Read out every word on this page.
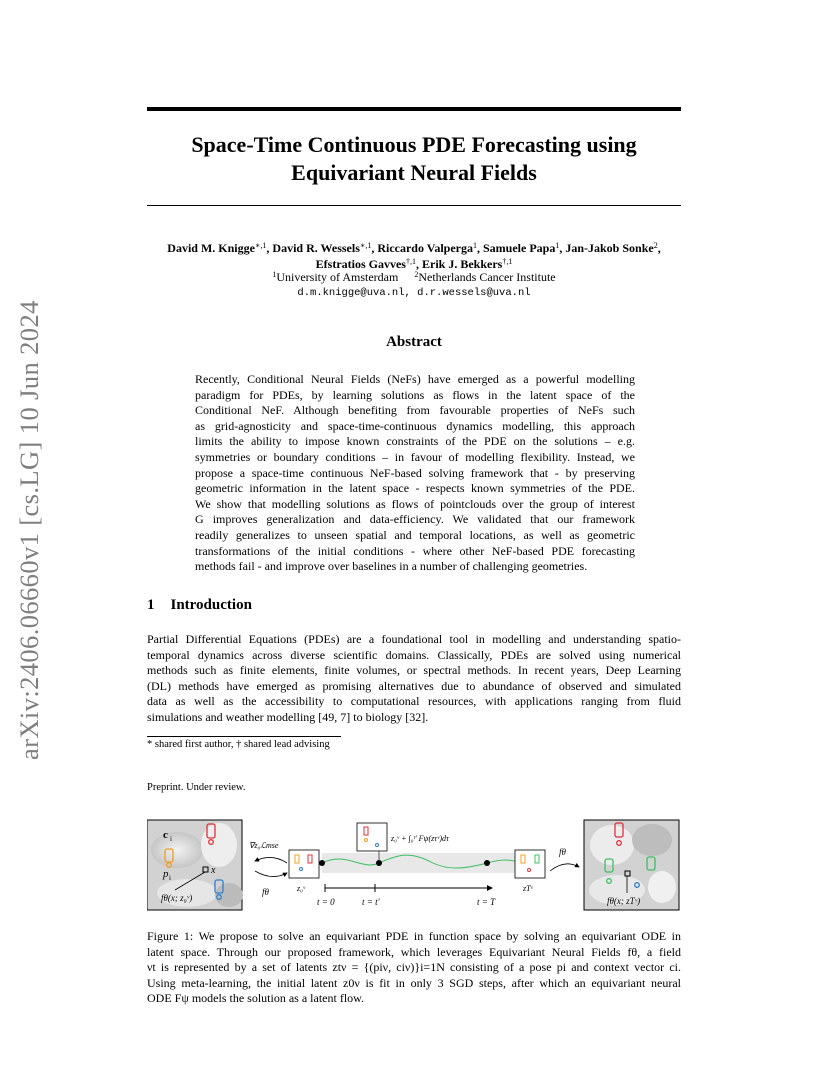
arXiv:2406.06660v1 [cs.LG] 10 Jun 2024
Space-Time Continuous PDE Forecasting using
Equivariant Neural Fields
David M. Knigge$^{∗,1}$, David R. Wessels$^{∗,1}$, Riccardo Valperga$^1$, Samuele Papa$^1$, Jan-Jakob Sonke$^2$,
Efstratios Gavves$^{\dagger,1}$, Erik J. Bekkers$^{\dagger,1}$
$^1$University of Amsterdam $^2$Netherlands Cancer Institute
d.m.knigge@uva.nl, d.r.wessels@uva.nl
Abstract
Recently, Conditional Neural Fields (NeFs) have emerged as a powerful modelling
paradigm for PDEs, by learning solutions as flows in the latent space of the
Conditional NeF. Although benefiting from favourable properties of NeFs such
as grid-agnosticity and space-time-continuous dynamics modelling, this approach
limits the ability to impose known constraints of the PDE on the solutions – e.g.
symmetries or boundary conditions – in favour of modelling flexibility. Instead, we
propose a space-time continuous NeF-based solving framework that - by preserving
geometric information in the latent space - respects known symmetries of the PDE.
We show that modelling solutions as flows of pointclouds over the group of interest
G improves generalization and data-efficiency. We validated that our framework
readily generalizes to unseen spatial and temporal locations, as well as geometric
transformations of the initial conditions - where other NeF-based PDE forecasting
methods fail - and improve over baselines in a number of challenging geometries.
1 Introduction
Partial Differential Equations (PDEs) are a foundational tool in modelling and understanding spatio-
temporal dynamics across diverse scientific domains. Classically, PDEs are solved using numerical
methods such as finite elements, finite volumes, or spectral methods. In recent years, Deep Learning
(DL) methods have emerged as promising alternatives due to abundance of observed and simulated
data as well as the accessibility to computational resources, with applications ranging from fluid
simulations and weather modelling [49, 7] to biology [32].
* shared first author, † shared lead advising
Preprint. Under review.
c i
p i
x
fθ(x; z₀ᵛ)
∇z₀ℒmse
fθ	z₀ᵛ
z₀ᵛ + ∫₀ᵗ′ Fψ(zτᵛ)dτ
zTᵛ
t = 0	t = t′	t = T
fθ
fθ(x; zTᵛ)
Figure 1: We propose to solve an equivariant PDE in function space by solving an equivariant ODE in
latent space. Through our proposed framework, which leverages Equivariant Neural Fields fθ, a field
νt is represented by a set of latents ztν = {(piν, ciν)}i=1N consisting of a pose pi and context vector ci.
Using meta-learning, the initial latent z0ν is fit in only 3 SGD steps, after which an equivariant neural
ODE Fψ models the solution as a latent flow.
